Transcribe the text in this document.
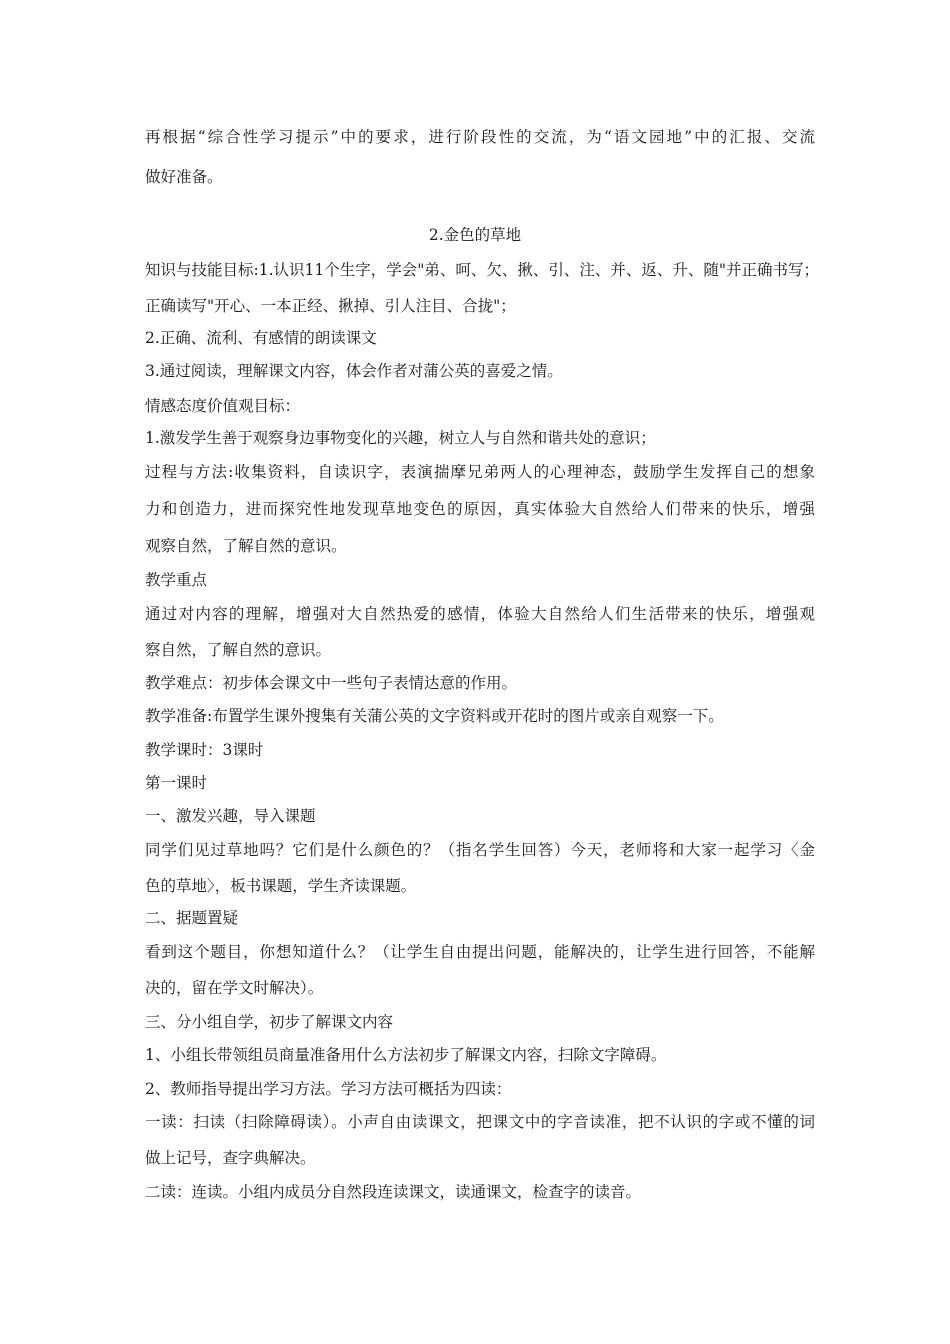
再根据“综合性学习提示”中的要求，进行阶段性的交流，为“语文园地”中的汇报、交流
做好准备。
2.金色的草地
知识与技能目标:1.认识11个生字，学会"弟、呵、欠、揪、引、注、并、返、升、随"并正确书写；
正确读写"开心、一本正经、揪掉、引人注目、合拢"；
2.正确、流利、有感情的朗读课文
3.通过阅读，理解课文内容，体会作者对蒲公英的喜爱之情。
情感态度价值观目标：
1.激发学生善于观察身边事物变化的兴趣，树立人与自然和谐共处的意识；
过程与方法:收集资料，自读识字，表演揣摩兄弟两人的心理神态，鼓励学生发挥自己的想象
力和创造力，进而探究性地发现草地变色的原因，真实体验大自然给人们带来的快乐，增强
观察自然，了解自然的意识。
教学重点
通过对内容的理解，增强对大自然热爱的感情，体验大自然给人们生活带来的快乐，增强观
察自然，了解自然的意识。
教学难点：初步体会课文中一些句子表情达意的作用。
教学准备:布置学生课外搜集有关蒲公英的文字资料或开花时的图片或亲自观察一下。
教学课时：3课时
第一课时
一、激发兴趣，导入课题
同学们见过草地吗？它们是什么颜色的？（指名学生回答）今天，老师将和大家一起学习〈金
色的草地〉，板书课题，学生齐读课题。
二、据题置疑
看到这个题目，你想知道什么？（让学生自由提出问题，能解决的，让学生进行回答，不能解
决的，留在学文时解决）。
三、分小组自学，初步了解课文内容
1、小组长带领组员商量准备用什么方法初步了解课文内容，扫除文字障碍。
2、教师指导提出学习方法。学习方法可概括为四读：
一读：扫读（扫除障碍读）。小声自由读课文，把课文中的字音读准，把不认识的字或不懂的词
做上记号，查字典解决。
二读：连读。小组内成员分自然段连读课文，读通课文，检查字的读音。
